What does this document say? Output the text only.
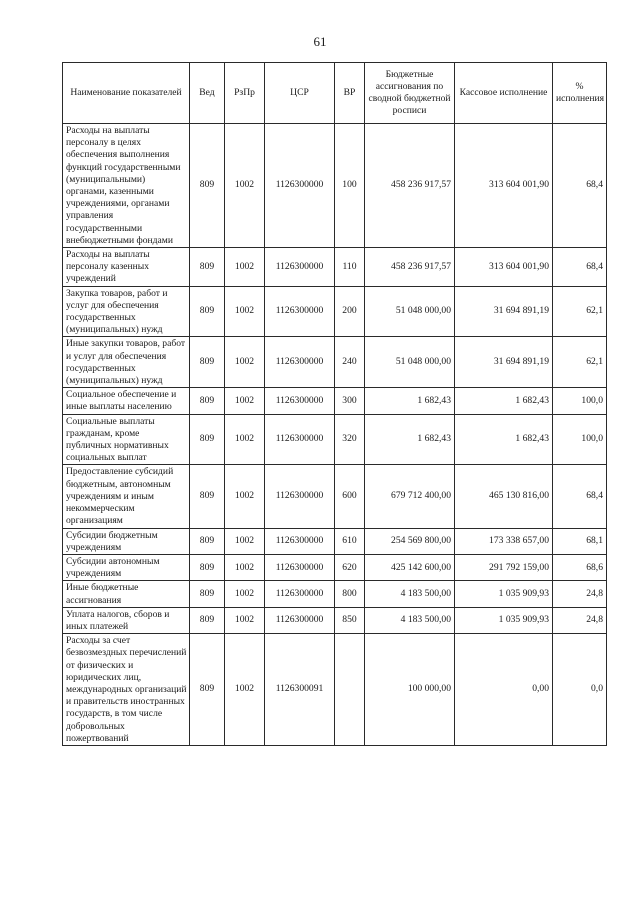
61
Наименование показателей	Вед	РзПр	ЦСР	ВР	Бюджетные ассигнования по сводной бюджетной росписи	Кассовое исполнение	% исполнения
Расходы на выплаты персоналу в целях обеспечения выполнения функций государственными (муниципальными) органами, казенными учреждениями, органами управления государственными внебюджетными фондами	809	1002	1126300000	100	458 236 917,57	313 604 001,90	68,4
Расходы на выплаты персоналу казенных учреждений	809	1002	1126300000	110	458 236 917,57	313 604 001,90	68,4
Закупка товаров, работ и услуг для обеспечения государственных (муниципальных) нужд	809	1002	1126300000	200	51 048 000,00	31 694 891,19	62,1
Иные закупки товаров, работ и услуг для обеспечения государственных (муниципальных) нужд	809	1002	1126300000	240	51 048 000,00	31 694 891,19	62,1
Социальное обеспечение и иные выплаты населению	809	1002	1126300000	300	1 682,43	1 682,43	100,0
Социальные выплаты гражданам, кроме публичных нормативных социальных выплат	809	1002	1126300000	320	1 682,43	1 682,43	100,0
Предоставление субсидий бюджетным, автономным учреждениям и иным некоммерческим организациям	809	1002	1126300000	600	679 712 400,00	465 130 816,00	68,4
Субсидии бюджетным учреждениям	809	1002	1126300000	610	254 569 800,00	173 338 657,00	68,1
Субсидии автономным учреждениям	809	1002	1126300000	620	425 142 600,00	291 792 159,00	68,6
Иные бюджетные ассигнования	809	1002	1126300000	800	4 183 500,00	1 035 909,93	24,8
Уплата налогов, сборов и иных платежей	809	1002	1126300000	850	4 183 500,00	1 035 909,93	24,8
Расходы за счет безвозмездных перечислений от физических и юридических лиц, международных организаций и правительств иностранных государств, в том числе добровольных пожертвований	809	1002	1126300091		100 000,00	0,00	0,0
